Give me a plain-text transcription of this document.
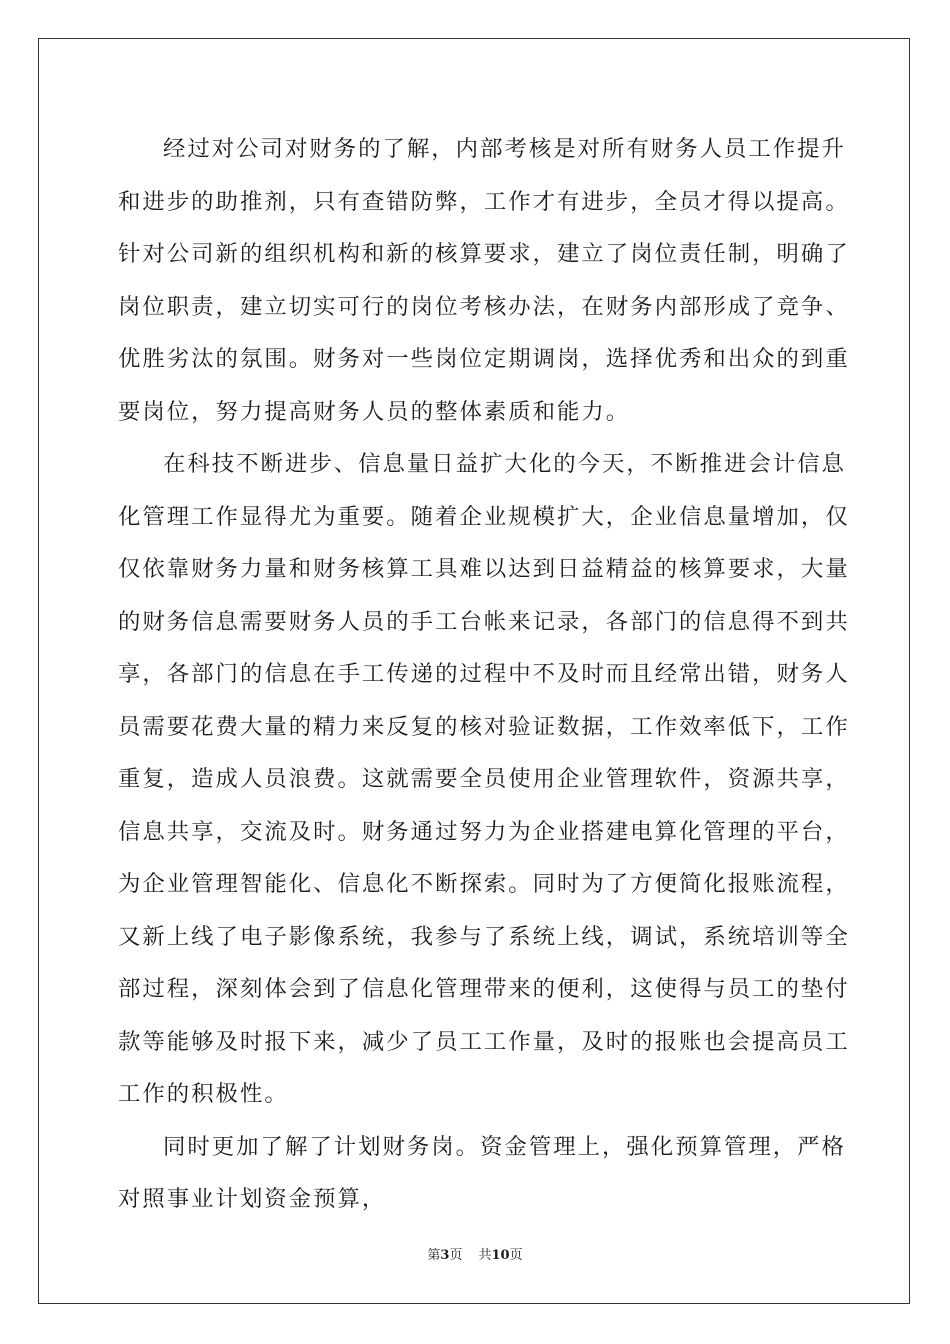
经过对公司对财务的了解，内部考核是对所有财务人员工作提升
和进步的助推剂，只有查错防弊，工作才有进步，全员才得以提高。
针对公司新的组织机构和新的核算要求，建立了岗位责任制，明确了
岗位职责，建立切实可行的岗位考核办法，在财务内部形成了竞争、
优胜劣汰的氛围。财务对一些岗位定期调岗，选择优秀和出众的到重
要岗位，努力提高财务人员的整体素质和能力。
在科技不断进步、信息量日益扩大化的今天，不断推进会计信息
化管理工作显得尤为重要。随着企业规模扩大，企业信息量增加，仅
仅依靠财务力量和财务核算工具难以达到日益精益的核算要求，大量
的财务信息需要财务人员的手工台帐来记录，各部门的信息得不到共
享，各部门的信息在手工传递的过程中不及时而且经常出错，财务人
员需要花费大量的精力来反复的核对验证数据，工作效率低下，工作
重复，造成人员浪费。这就需要全员使用企业管理软件，资源共享，
信息共享，交流及时。财务通过努力为企业搭建电算化管理的平台，
为企业管理智能化、信息化不断探索。同时为了方便简化报账流程，
又新上线了电子影像系统，我参与了系统上线，调试，系统培训等全
部过程，深刻体会到了信息化管理带来的便利，这使得与员工的垫付
款等能够及时报下来，减少了员工工作量，及时的报账也会提高员工
工作的积极性。
同时更加了解了计划财务岗。资金管理上，强化预算管理，严格
对照事业计划资金预算，
第3页 共10页
